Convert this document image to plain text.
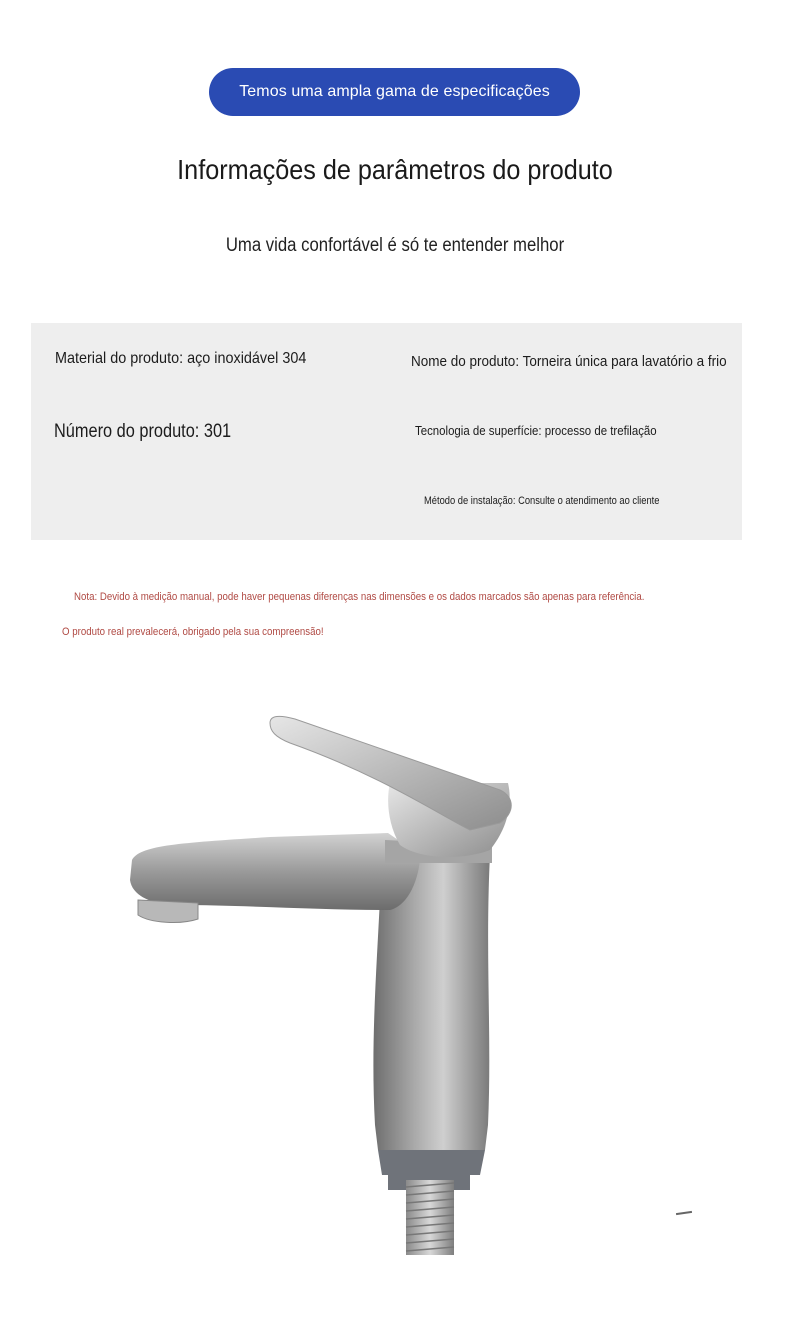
Temos uma ampla gama de especificações
Informações de parâmetros do produto
Uma vida confortável é só te entender melhor
Material do produto: aço inoxidável 304	Nome do produto: Torneira única para lavatório a frio
Número do produto: 301	Tecnologia de superfície: processo de trefilação
Método de instalação: Consulte o atendimento ao cliente
Nota: Devido à medição manual, pode haver pequenas diferenças nas dimensões e os dados marcados são apenas para referência.
O produto real prevalecerá, obrigado pela sua compreensão!
